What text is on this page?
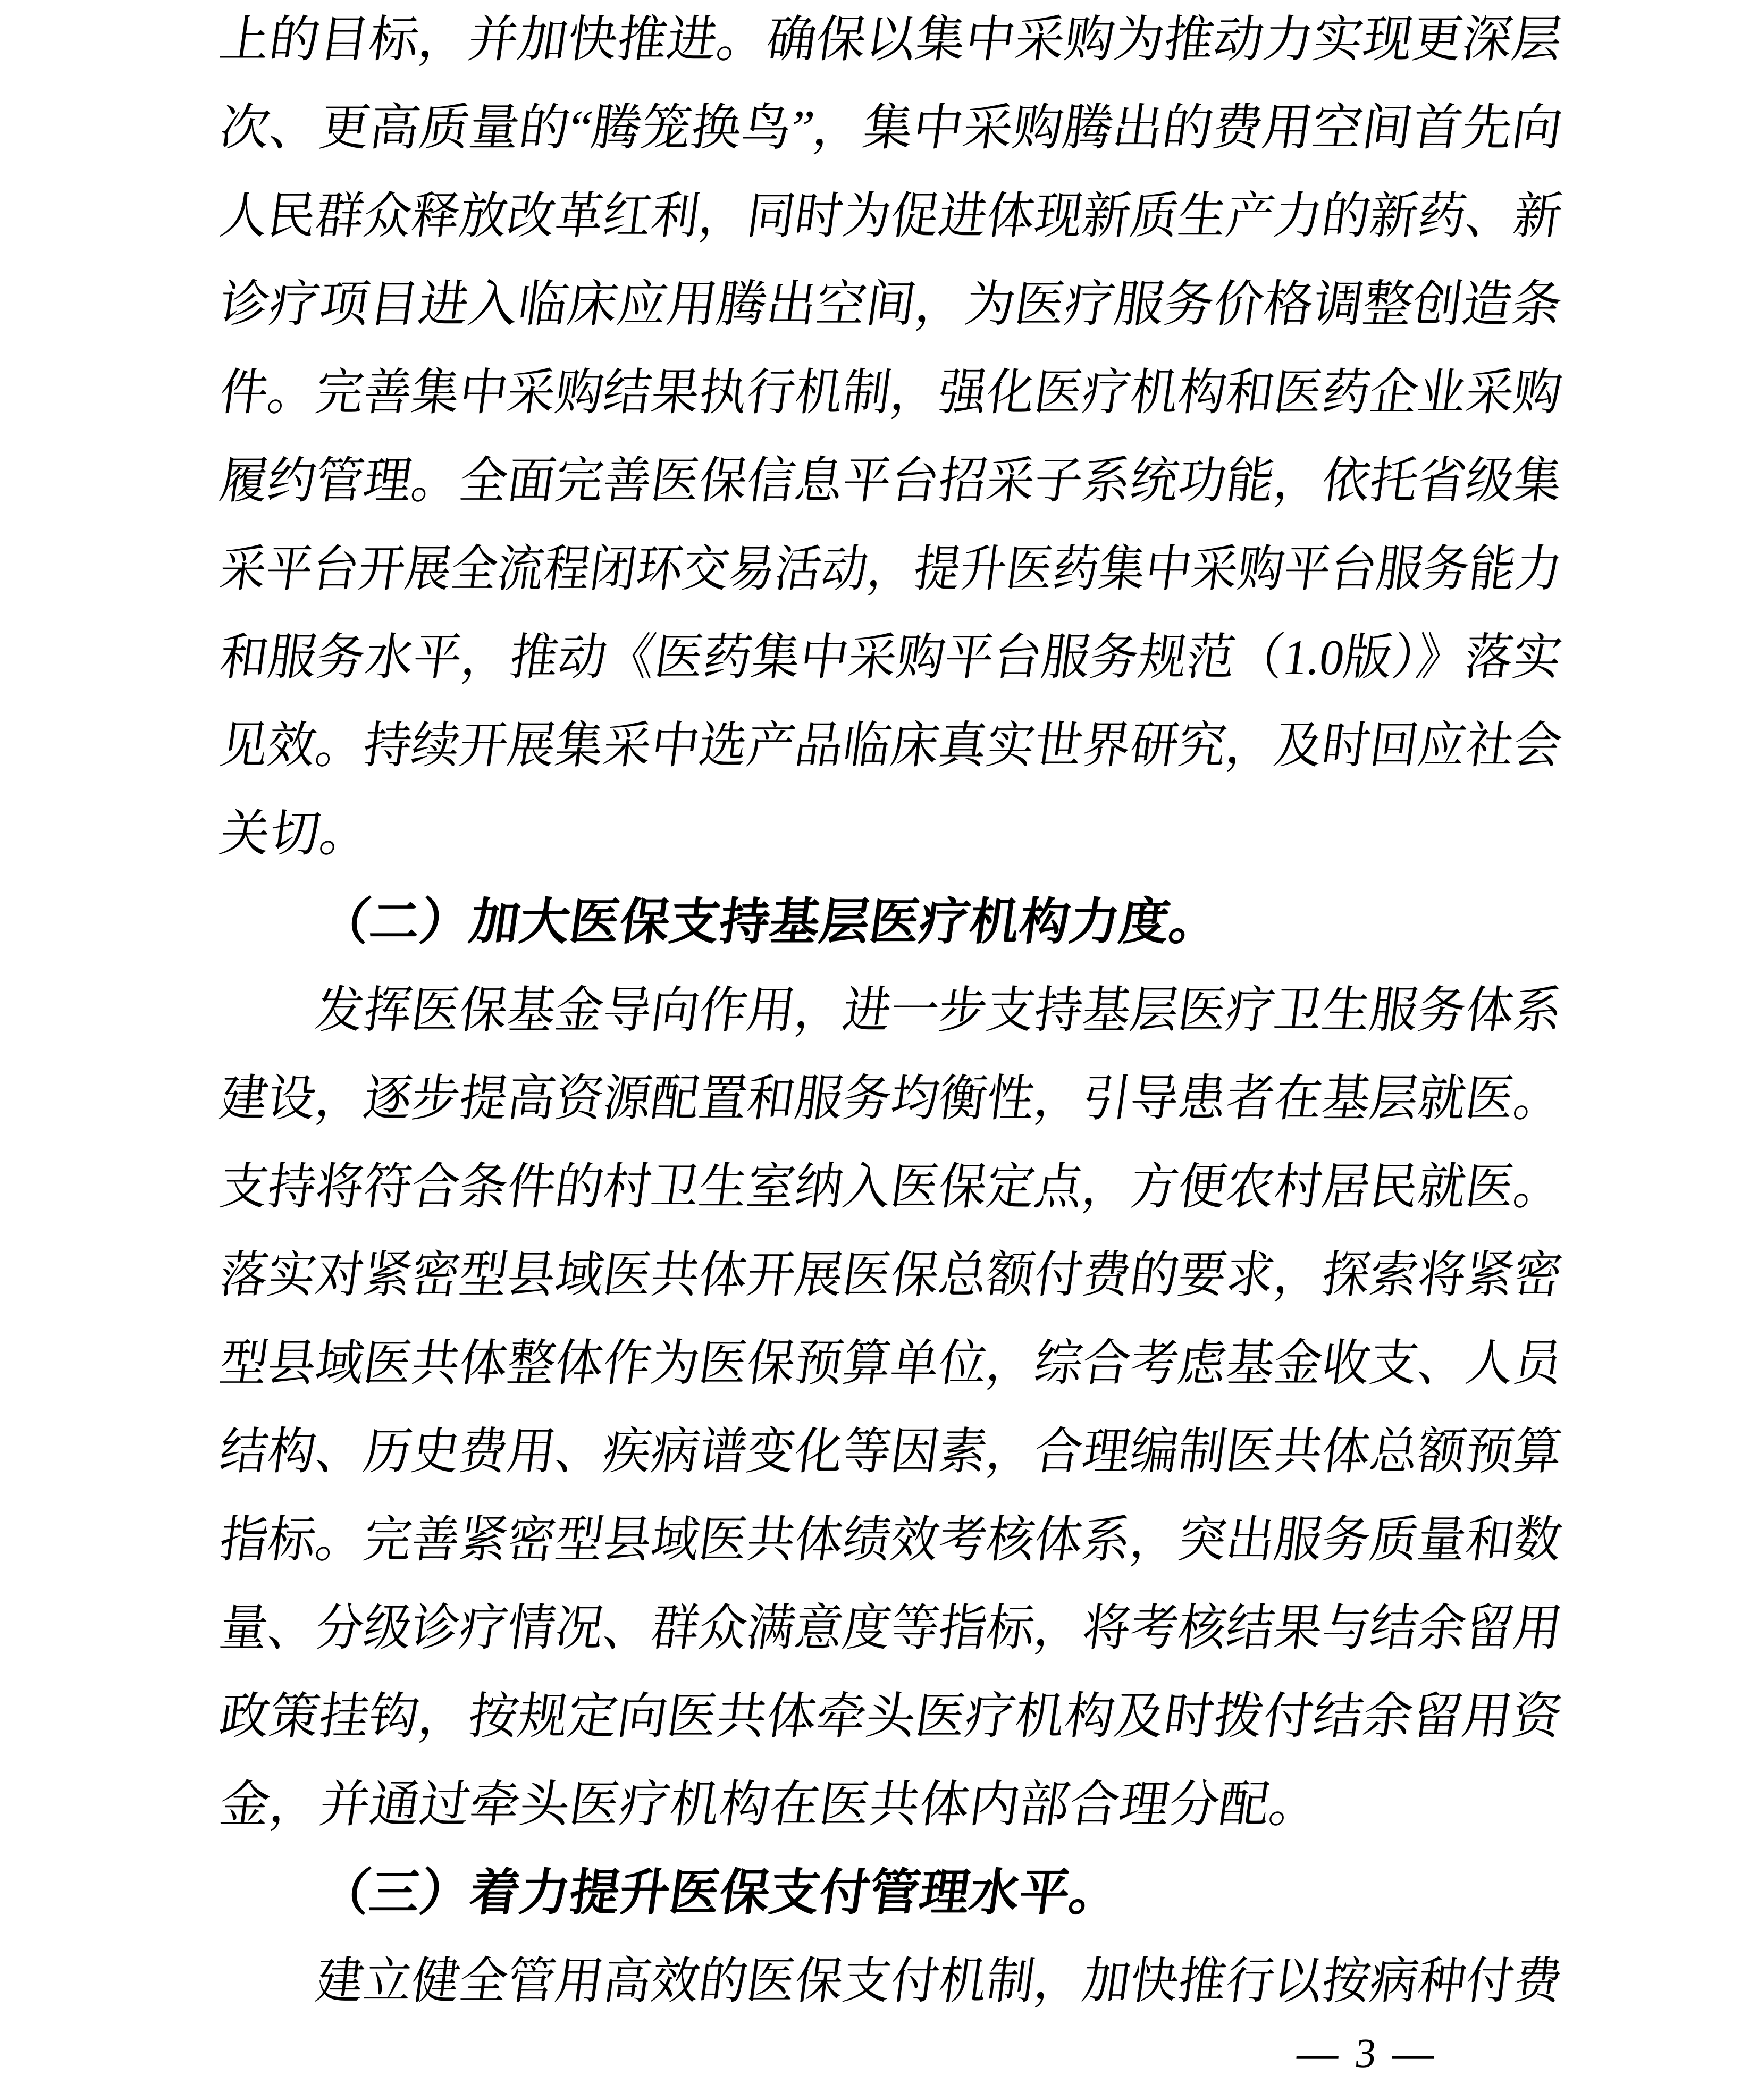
上的目标，并加快推进。确保以集中采购为推动力实现更深层
次、更高质量的“腾笼换鸟”，集中采购腾出的费用空间首先向
人民群众释放改革红利，同时为促进体现新质生产力的新药、新
诊疗项目进入临床应用腾出空间，为医疗服务价格调整创造条
件。完善集中采购结果执行机制，强化医疗机构和医药企业采购
履约管理。全面完善医保信息平台招采子系统功能，依托省级集
采平台开展全流程闭环交易活动，提升医药集中采购平台服务能力
和服务水平，推动《医药集中采购平台服务规范（1.0版）》落实
见效。持续开展集采中选产品临床真实世界研究，及时回应社会
关切。
（二）加大医保支持基层医疗机构力度。
发挥医保基金导向作用，进一步支持基层医疗卫生服务体系
建设，逐步提高资源配置和服务均衡性，引导患者在基层就医。
支持将符合条件的村卫生室纳入医保定点，方便农村居民就医。
落实对紧密型县域医共体开展医保总额付费的要求，探索将紧密
型县域医共体整体作为医保预算单位，综合考虑基金收支、人员
结构、历史费用、疾病谱变化等因素，合理编制医共体总额预算
指标。完善紧密型县域医共体绩效考核体系，突出服务质量和数
量、分级诊疗情况、群众满意度等指标，将考核结果与结余留用
政策挂钩，按规定向医共体牵头医疗机构及时拨付结余留用资
金，并通过牵头医疗机构在医共体内部合理分配。
（三）着力提升医保支付管理水平。
建立健全管用高效的医保支付机制，加快推行以按病种付费
— 3 —
